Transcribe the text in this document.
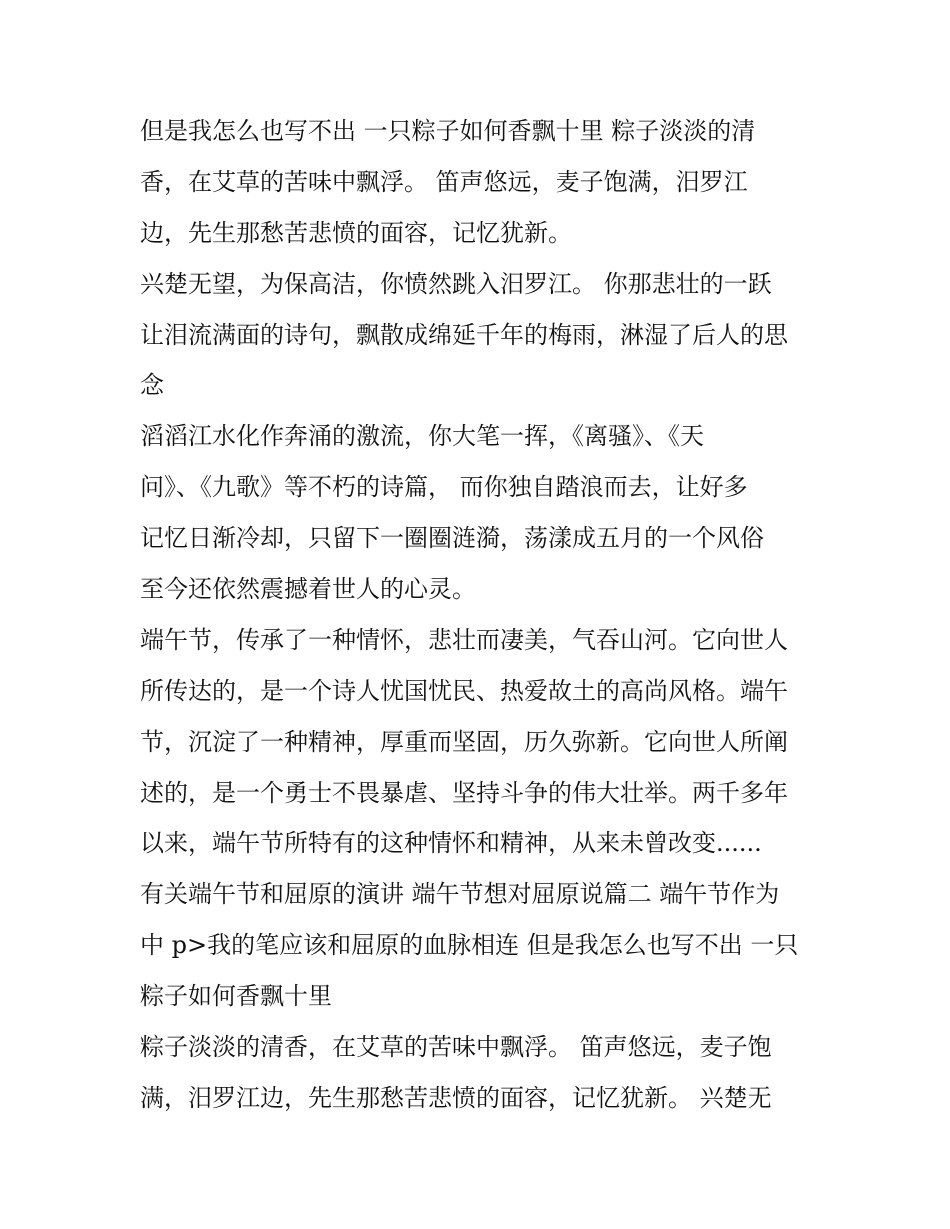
但是我怎么也写不出 一只粽子如何香飘十里 粽子淡淡的清
香，在艾草的苦味中飘浮。 笛声悠远，麦子饱满，汨罗江
边，先生那愁苦悲愤的面容，记忆犹新。
兴楚无望，为保高洁，你愤然跳入汨罗江。 你那悲壮的一跃
让泪流满面的诗句，飘散成绵延千年的梅雨，淋湿了后人的思
念
滔滔江水化作奔涌的激流，你大笔一挥，《离骚》、《天
问》、《九歌》等不朽的诗篇， 而你独自踏浪而去，让好多
记忆日渐冷却，只留下一圈圈涟漪，荡漾成五月的一个风俗
至今还依然震撼着世人的心灵。
端午节，传承了一种情怀，悲壮而凄美，气吞山河。它向世人
所传达的，是一个诗人忧国忧民、热爱故土的高尚风格。端午
节，沉淀了一种精神，厚重而坚固，历久弥新。它向世人所阐
述的，是一个勇士不畏暴虐、坚持斗争的伟大壮举。两千多年
以来，端午节所特有的这种情怀和精神，从来未曾改变......
有关端午节和屈原的演讲 端午节想对屈原说篇二 端午节作为
中 p>我的笔应该和屈原的血脉相连 但是我怎么也写不出 一只
粽子如何香飘十里
粽子淡淡的清香，在艾草的苦味中飘浮。 笛声悠远，麦子饱
满，汨罗江边，先生那愁苦悲愤的面容，记忆犹新。 兴楚无
